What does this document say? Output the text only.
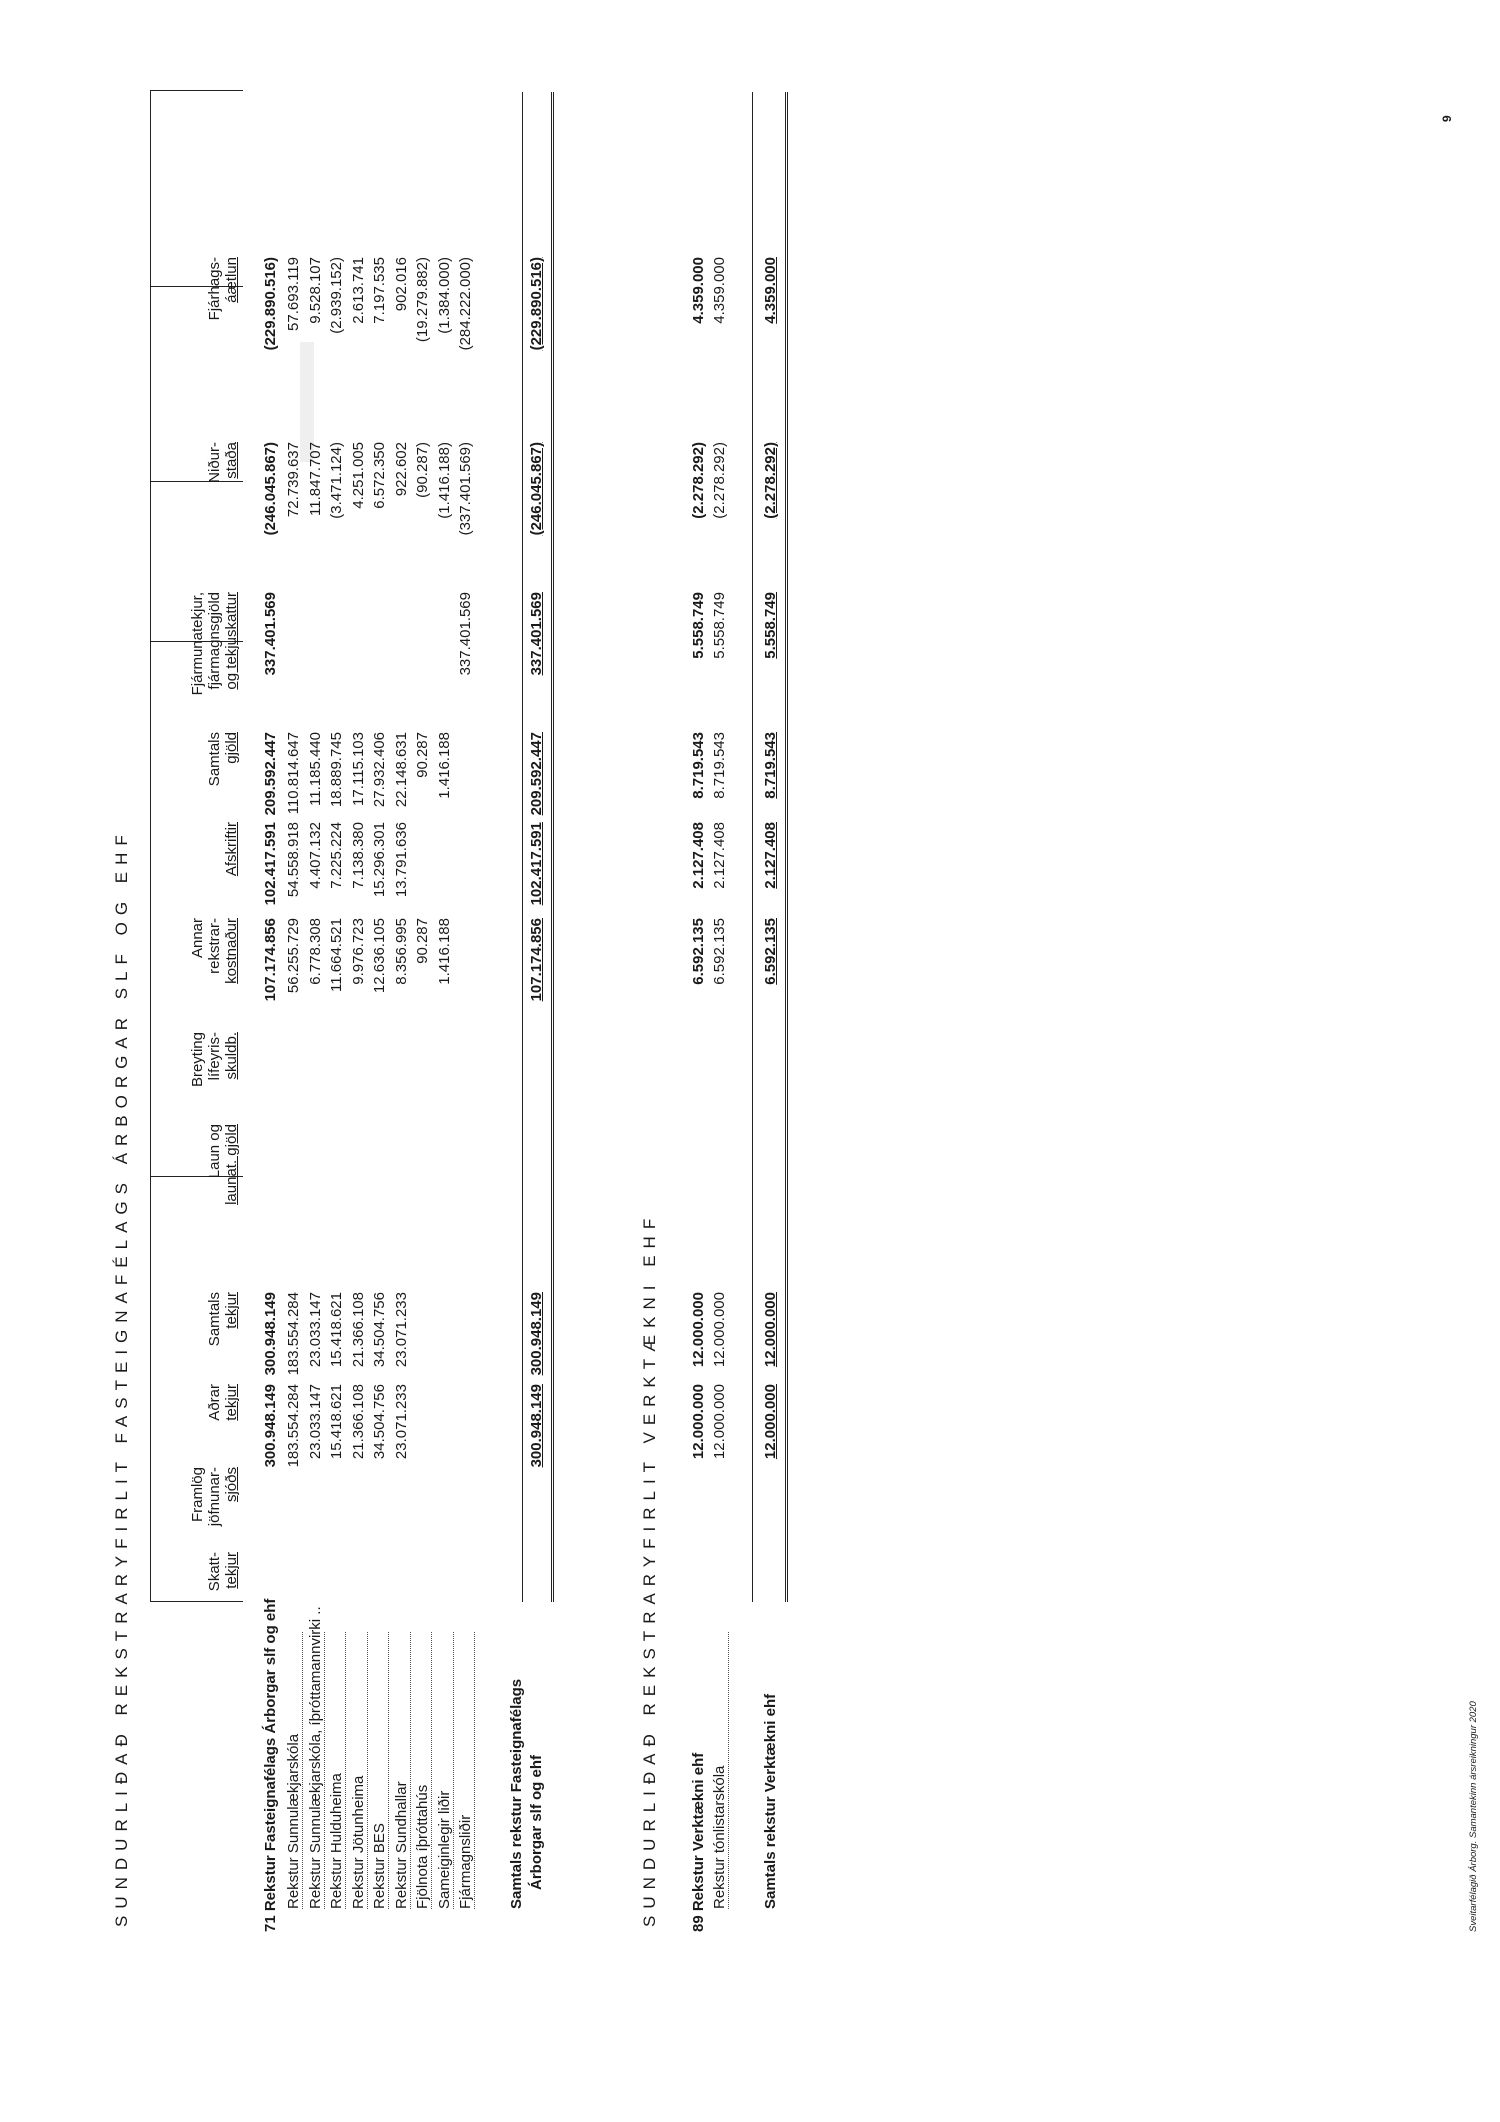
9
SUNDURLIÐAÐ REKSTRARYFIRLIT FASTEIGNAFÉLAGS ÁRBORGAR SLF OG EHF	Skatt- tekjur
Framlög jöfnunar- sjóðs
Aðrar tekjur
Samtals tekjur
Laun og launat. gjöld
Breyting lífeyris- skuldb.
Annar rekstrar- kostnaður
Afskriftir
Samtals gjöld
Fjármunatekjur, fjármagnsgjöld og tekjuskattur
Niður- staða
Fjárhags- áætlun
71 Rekstur Fasteignafélags Árborgar slf og ehf
300.948.149
300.948.149
107.174.856
102.417.591
209.592.447
337.401.569
(246.045.867)
(229.890.516)
Rekstur Sunnulækjarskóla
183.554.284
183.554.284
56.255.729
54.558.918
110.814.647
72.739.637
57.693.119
Rekstur Sunnulækjarskóla, íþróttamannvirki ..
23.033.147
23.033.147
6.778.308
4.407.132
11.185.440
11.847.707
9.528.107
Rekstur Hulduheima
15.418.621
15.418.621
11.664.521
7.225.224
18.889.745
(3.471.124)
(2.939.152)
Rekstur Jötunheima
21.366.108
21.366.108
9.976.723
7.138.380
17.115.103
4.251.005
2.613.741
Rekstur BES
34.504.756
34.504.756
12.636.105
15.296.301
27.932.406
6.572.350
7.197.535
Rekstur Sundhallar
23.071.233
23.071.233
8.356.995
13.791.636
22.148.631
922.602
902.016
Fjölnota íþróttahús
90.287
90.287
(90.287)
(19.279.882)
Sameiginlegir liðir
1.416.188
1.416.188
(1.416.188)
(1.384.000)
Fjármagnsliðir
337.401.569
(337.401.569)
(284.222.000)
Samtals rekstur Fasteignafélags Árborgar slf og ehf
300.948.149
300.948.149
107.174.856
102.417.591
209.592.447
337.401.569
(246.045.867)
(229.890.516)
SUNDURLIÐAÐ REKSTRARYFIRLIT VERKTÆKNI EHF 89 Rekstur Verktækni ehf
12.000.000
12.000.000
6.592.135
2.127.408
8.719.543
5.558.749
(2.278.292)
4.359.000
Rekstur tónlistarskóla
12.000.000
12.000.000
6.592.135
2.127.408
8.719.543
5.558.749
(2.278.292)
4.359.000
Samtals rekstur Verktækni ehf
12.000.000
12.000.000
6.592.135
2.127.408
8.719.543
5.558.749
(2.278.292)
4.359.000
Sveitarfélagið Árborg. Samantekinn ársreikningur 2020
